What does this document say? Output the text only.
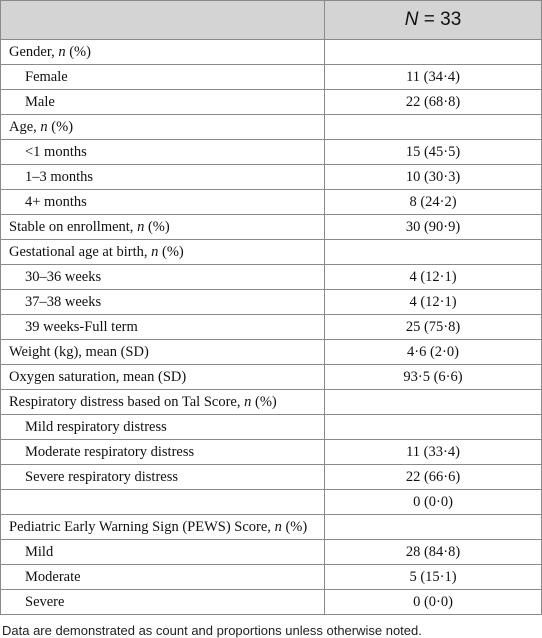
	N = 33
Gender, n (%)	
Female	11 (34·4)
Male	22 (68·8)
Age, n (%)	
<1 months	15 (45·5)
1–3 months	10 (30·3)
4+ months	8 (24·2)
Stable on enrollment, n (%)	30 (90·9)
Gestational age at birth, n (%)	
30–36 weeks	4 (12·1)
37–38 weeks	4 (12·1)
39 weeks-Full term	25 (75·8)
Weight (kg), mean (SD)	4·6 (2·0)
Oxygen saturation, mean (SD)	93·5 (6·6)
Respiratory distress based on Tal Score, n (%)	
Mild respiratory distress	
Moderate respiratory distress	11 (33·4)
Severe respiratory distress	22 (66·6)
	0 (0·0)
Pediatric Early Warning Sign (PEWS) Score, n (%)	
Mild	28 (84·8)
Moderate	5 (15·1)
Severe	0 (0·0)
Data are demonstrated as count and proportions unless otherwise noted.
